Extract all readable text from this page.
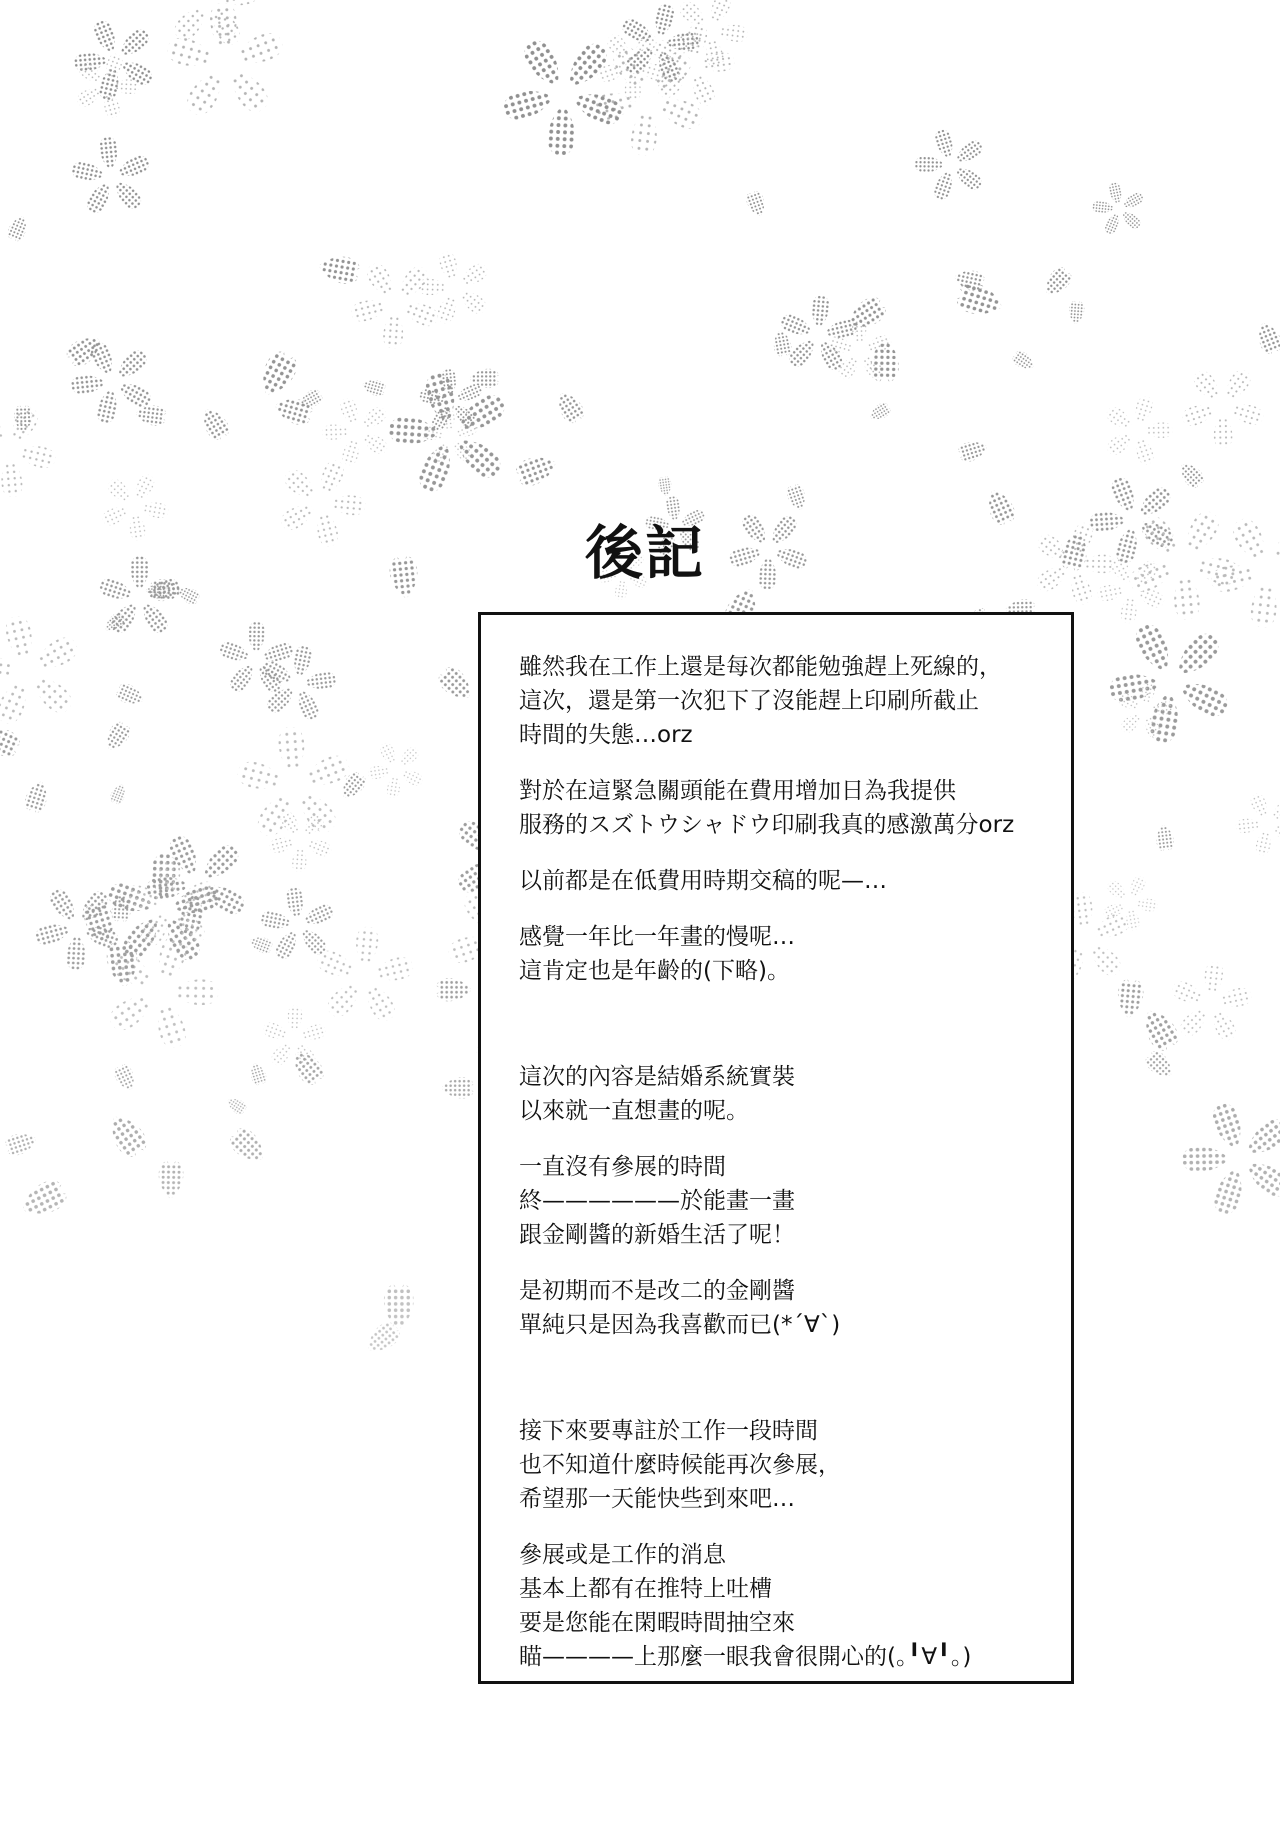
後記
雖然我在工作上還是每次都能勉強趕上死線的，
這次，還是第一次犯下了沒能趕上印刷所截止
時間的失態…orz
對於在這緊急關頭能在費用增加日為我提供
服務的スズトウシャドウ印刷我真的感激萬分orz
以前都是在低費用時期交稿的呢—…
感覺一年比一年畫的慢呢…
這肯定也是年齡的(下略)。
這次的內容是結婚系統實裝
以來就一直想畫的呢。
一直沒有參展的時間
終——————於能畫一畫
跟金剛醬的新婚生活了呢！
是初期而不是改二的金剛醬
單純只是因為我喜歡而已(*´∀`)
接下來要專註於工作一段時間
也不知道什麼時候能再次參展，
希望那一天能快些到來吧…
參展或是工作的消息
基本上都有在推特上吐槽
要是您能在閑暇時間抽空來
瞄————上那麼一眼我會很開心的(｡╹∀╹｡)
